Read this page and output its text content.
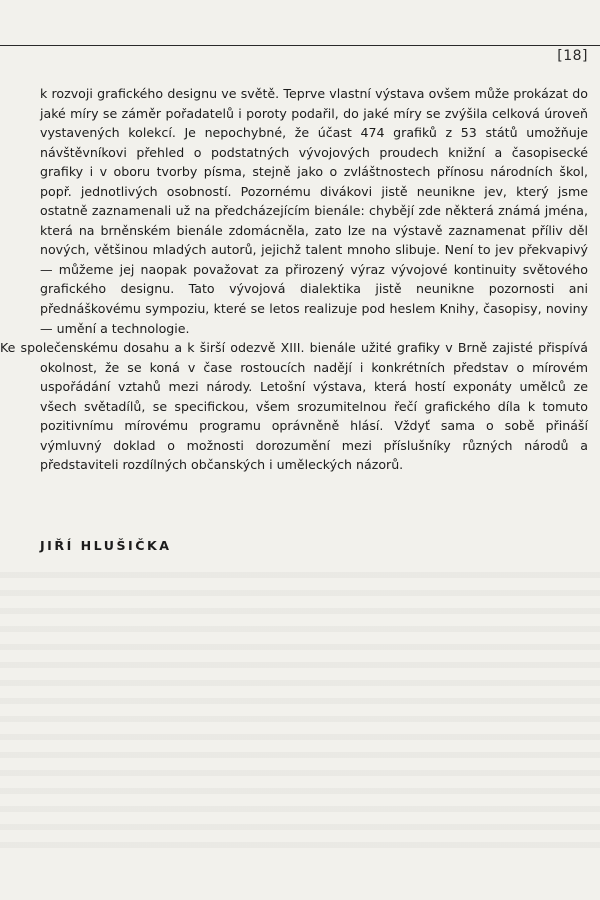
[18]

k rozvoji grafického designu ve světě. Teprve vlastní výstava ovšem může prokázat do jaké míry se záměr pořadatelů i poroty podařil, do jaké míry se zvýšila celková úroveň vystavených kolekcí. Je nepochybné, že účast 474 grafiků z 53 států umožňuje návštěvníkovi přehled o podstatných vývojových proudech knižní a časopisecké grafiky i v oboru tvorby písma, stejně jako o zvláštnostech přínosu národních škol, popř. jednotlivých osobností. Pozornému divákovi jistě neunikne jev, který jsme ostatně zaznamenali už na předcházejícím bienále: chybějí zde některá známá jména, která na brněnském bienále zdomácněla, zato lze na výstavě zaznamenat příliv děl nových, většinou mladých autorů, jejichž talent mnoho slibuje. Není to jev překvapivý — můžeme jej naopak považovat za přirozený výraz vývojové kontinuity světového grafického designu. Tato vývojová dialektika jistě neunikne pozornosti ani přednáškovému sympoziu, které se letos realizuje pod heslem Knihy, časopisy, noviny — umění a technologie.

Ke společenskému dosahu a k širší odezvě XIII. bienále užité grafiky v Brně zajisté přispívá okolnost, že se koná v čase rostoucích nadějí i konkrétních představ o mírovém uspořádání vztahů mezi národy. Letošní výstava, která hostí exponáty umělců ze všech světadílů, se specifickou, všem srozumitelnou řečí grafického díla k tomuto pozitivnímu mírovému programu oprávněně hlásí. Vždyť sama o sobě přináší výmluvný doklad o možnosti dorozumění mezi příslušníky různých národů a představiteli rozdílných občanských i uměleckých názorů.

JIŘÍ HLUŠIČKA
